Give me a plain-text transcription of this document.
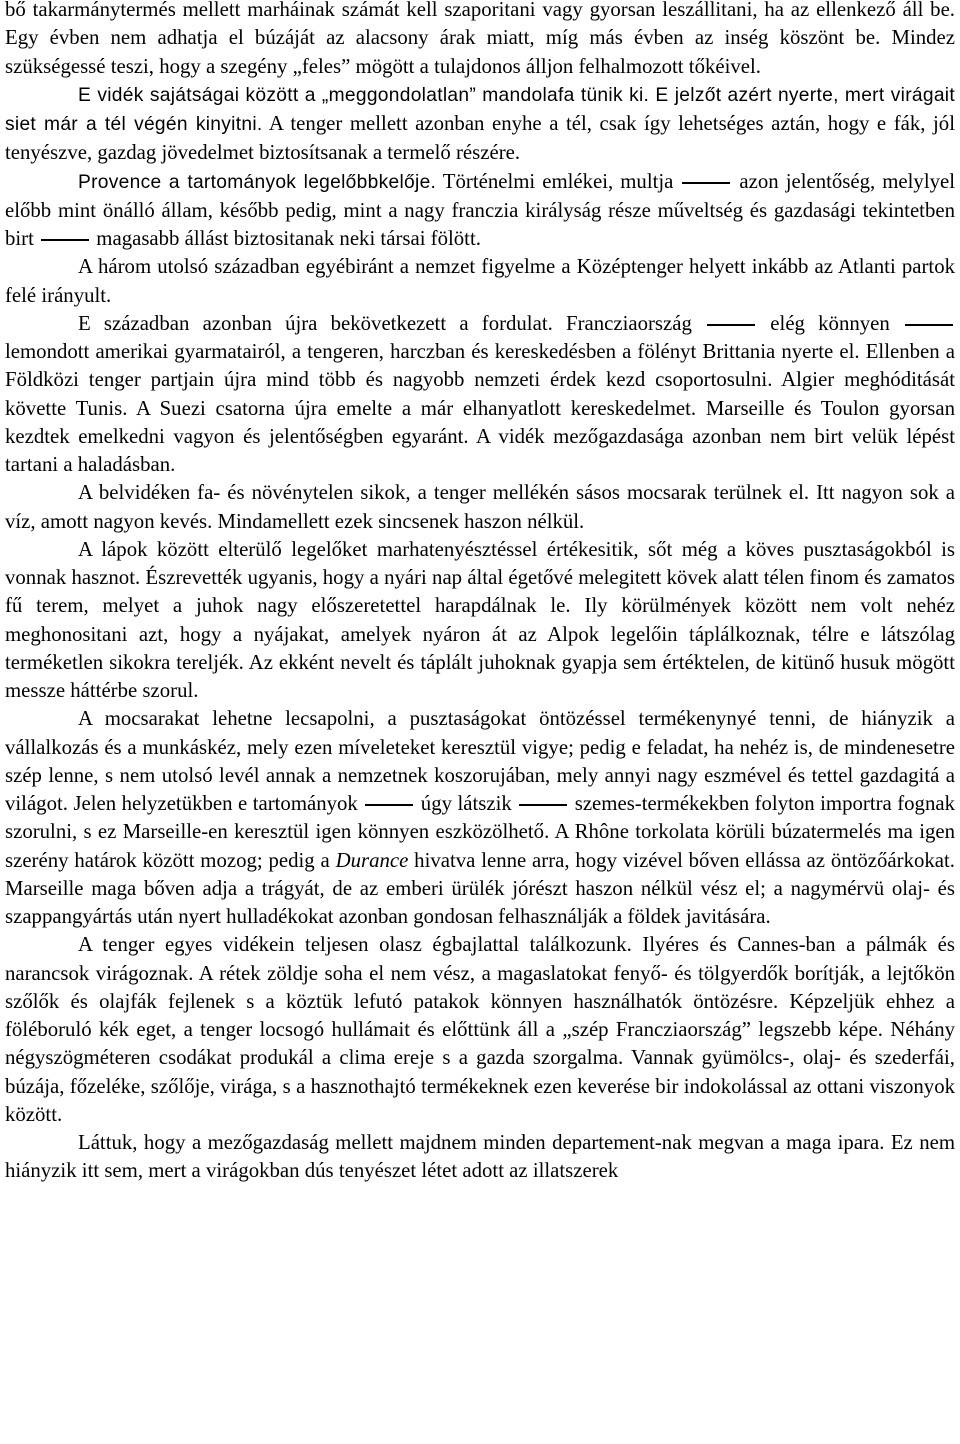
bő takarmánytermés mellett marháinak számát kell szaporitani vagy gyorsan leszállitani, ha az ellenkező áll be. Egy évben nem adhatja el búzáját az alacsony árak miatt, míg más évben az inség köszönt be. Mindez szükségessé teszi, hogy a szegény „feles” mögött a tulajdonos álljon felhalmozott tőkéivel.

E vidék sajátságai között a „meggondolatlan” mandolafa tünik ki. E jelzőt azért nyerte, mert virágait siet már a tél végén kinyitni. A tenger mellett azonban enyhe a tél, csak így lehetséges aztán, hogy e fák, jól tenyészve, gazdag jövedelmet biztosítsanak a termelő részére.

Provence a tartományok legelőbbkelője. Történelmi emlékei, multja	azon jelentőség, melylyel előbb mint önálló állam, később pedig, mint a nagy franczia királyság része műveltség és gazdasági tekintetben birt	magasabb állást biztositanak neki társai fölött.

A három utolsó században egyébiránt a nemzet figyelme a Középtenger helyett inkább az Atlanti partok felé irányult.

E században azonban újra bekövetkezett a fordulat. Francziaország	elég könnyen  lemondott amerikai gyarmatairól, a tengeren, harczban és kereskedésben a fölényt Brittania nyerte el. Ellenben a Földközi tenger partjain újra mind több és nagyobb nemzeti érdek kezd csoportosulni. Algier meghóditását követte Tunis. A Suezi csatorna újra emelte a már elhanyatlott kereskedelmet. Marseille és Toulon gyorsan kezdtek emelkedni vagyon és jelentőségben egyaránt. A vidék mezőgazdasága azonban nem birt velük lépést tartani a haladásban.

A belvidéken fa- és növénytelen sikok, a tenger mellékén sásos mocsarak terülnek el. Itt nagyon sok a víz, amott nagyon kevés. Mindamellett ezek sincsenek haszon nélkül.

A lápok között elterülő legelőket marhatenyésztéssel értékesitik, sőt még a köves pusztaságokból is vonnak hasznot. Észrevették ugyanis, hogy a nyári nap által égetővé melegitett kövek alatt télen finom és zamatos fű terem, melyet a juhok nagy előszeretettel harapdálnak le. Ily körülmények között nem volt nehéz meghonositani azt, hogy a nyájakat, amelyek nyáron át az Alpok legelőin táplálkoznak, télre e látszólag terméketlen sikokra tereljék. Az ekként nevelt és táplált juhoknak gyapja sem értéktelen, de kitünő husuk mögött messze háttérbe szorul.

A mocsarakat lehetne lecsapolni, a pusztaságokat öntözéssel termékenynyé tenni, de hiányzik a vállalkozás és a munkáskéz, mely ezen míveleteket keresztül vigye; pedig e feladat, ha nehéz is, de mindenesetre szép lenne, s nem utolsó levél annak a nemzetnek koszorujában, mely annyi nagy eszmével és tettel gazdagitá a világot. Jelen helyzetükben e tartományok	úgy látszik	szemes-termékekben folyton importra fognak szorulni, s ez Marseille-en keresztül igen könnyen eszközölhető. A Rhône torkolata körüli búzatermelés ma igen szerény határok között mozog; pedig a Durance hivatva lenne arra, hogy vizével bőven ellássa az öntözőárkokat. Marseille maga bőven adja a trágyát, de az emberi ürülék jórészt haszon nélkül vész el; a nagymérvü olaj- és szappangyártás után nyert hulladékokat azonban gondosan felhasználják a földek javitására.

A tenger egyes vidékein teljesen olasz égbajlattal találkozunk. Ilyéres és Cannes-ban a pálmák és narancsok virágoznak. A rétek zöldje soha el nem vész, a magaslatokat fenyő- és tölgyerdők borítják, a lejtőkön szőlők és olajfák fejlenek s a köztük lefutó patakok könnyen használhatók öntözésre. Képzeljük ehhez a föléboruló kék eget, a tenger locsogó hullámait és előttünk áll a „szép Francziaország” legszebb képe. Néhány négyszögméteren csodákat produkál a clima ereje s a gazda szorgalma. Vannak gyümölcs-, olaj- és szederfái, búzája, főzeléke, szőlője, virága, s a hasznothajtó termékeknek ezen keverése bir indokolással az ottani viszonyok között.

Láttuk, hogy a mezőgazdaság mellett majdnem minden departement-nak megvan a maga ipara. Ez nem hiányzik itt sem, mert a virágokban dús tenyészet létet adott az illatszerek
